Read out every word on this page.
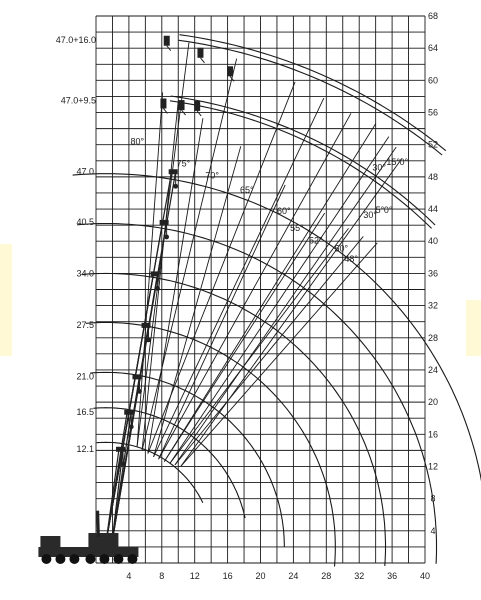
4	8	12	16	20	24	28	32	36	40
4
8
12
16
20
24
28
32
36
40
44
48
52
56
60
64
68
12.1
16.5
21.0
27.5
34.0
40.5
47.0
47.0+9.5
47.0+16.0
80°
75°
70°
65°
60°
55°
52°
50°
48°
30°
15° 0°
30°
5° 0°
